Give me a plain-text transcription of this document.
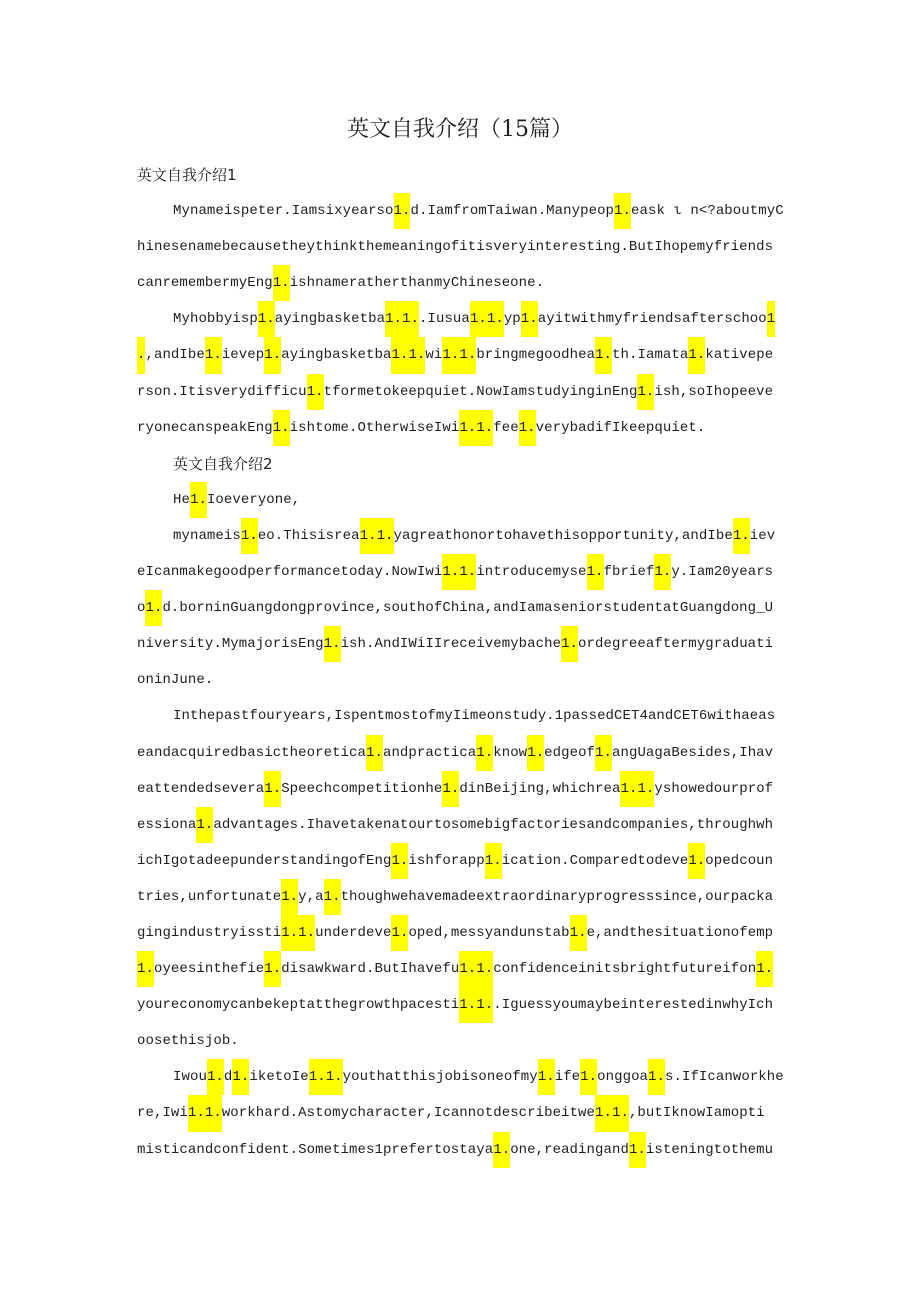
英文自我介绍（15篇）
英文自我介绍1
Mynameispeter.Iamsixyearso1.d.IamfromTaiwan.Manypeop1.eask ι n<?aboutmyC
hinesenamebecausetheythinkthemeaningofitisveryinteresting.ButIhopemyfriends
canremembermyEng1.ishnameratherthanmyChineseone.
Myhobbyisp1.ayingbasketba1.1..Iusua1.1.yp1.ayitwithmyfriendsafterschoo1
.,andIbe1.ievep1.ayingbasketba1.1.wi1.1.bringmegoodhea1.th.Iamata1.kativepe
rson.Itisverydifficu1.tformetokeepquiet.NowIamstudyinginEng1.ish,soIhopeeve
ryonecanspeakEng1.ishtome.OtherwiseIwi1.1.fee1.verybadifIkeepquiet.
英文自我介绍2
He1.Ioeveryone,
mynameis1.eo.Thisisrea1.1.yagreathonortohavethisopportunity,andIbe1.iev
eIcanmakegoodperformancetoday.NowIwi1.1.introducemyse1.fbrief1.y.Iam20years
o1.d.borninGuangdongprovince,southofChina,andIamaseniorstudentatGuangdong_U
niversity.MymajorisEng1.ish.AndIWiIIreceivemybache1.ordegreeaftermygraduati
oninJune.
Inthepastfouryears,IspentmostofmyIimeonstudy.1passedCET4andCET6withaeas
eandacquiredbasictheoretica1.andpractica1.know1.edgeof1.angUagaBesides,Ihav
eattendedsevera1.Speechcompetitionhe1.dinBeijing,whichrea1.1.yshowedourprof
essiona1.advantages.Ihavetakenatourtosomebigfactoriesandcompanies,throughwh
ichIgotadeepunderstandingofEng1.ishforapp1.ication.Comparedtodeve1.opedcoun
tries,unfortunate1.y,a1.thoughwehavemadeextraordinaryprogresssince,ourpacka
gingindustryissti1.1.underdeve1.oped,messyandunstab1.e,andthesituationofemp
1.oyeesinthefie1.disawkward.ButIhavefu1.1.confidenceinitsbrightfutureifon1.
youreconomycanbekeptatthegrowthpacesti1.1..IguessyoumaybeinterestedinwhyIch
oosethisjob.
Iwou1.d1.iketoIe1.1.youthatthisjobisoneofmy1.ife1.onggoa1.s.IfIcanworkhe
re,Iwi1.1.workhard.Astomycharacter,Icannotdescribeitwe1.1.,butIknowIamopti
misticandconfident.Sometimes1prefertostaya1.one,readingand1.isteningtothemu
